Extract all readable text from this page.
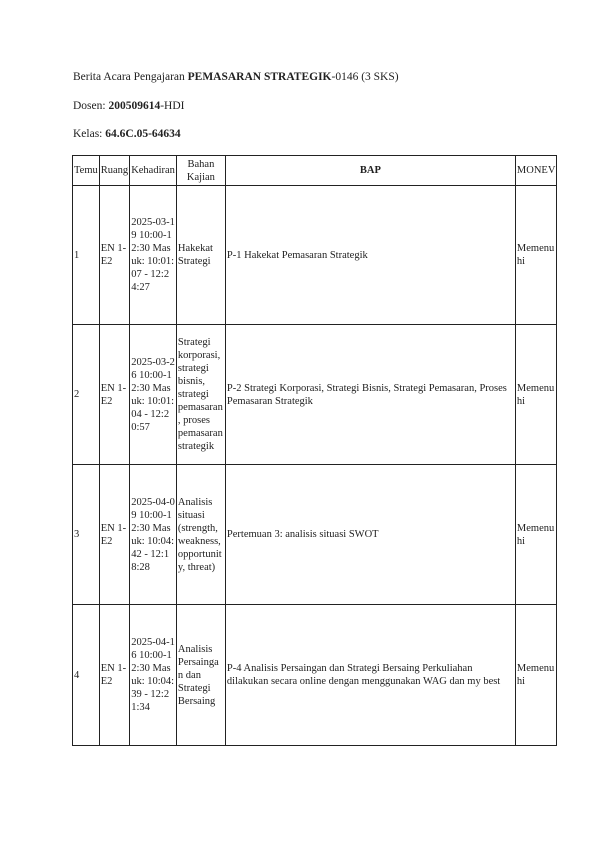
Berita Acara Pengajaran PEMASARAN STRATEGIK-0146 (3 SKS)
Dosen: 200509614-HDI
Kelas: 64.6C.05-64634
Temu	Ruang	Kehadiran	Bahan Kajian	BAP	MONEV
1	EN 1-E2	2025-03-19 10:00-12:30 Masuk: 10:01:07 - 12:24:27	Hakekat Strategi	P-1 Hakekat Pemasaran Strategik	Memenuhi
2	EN 1-E2	2025-03-26 10:00-12:30 Masuk: 10:01:04 - 12:20:57	Strategi korporasi, strategi bisnis, strategi pemasaran, proses pemasaran strategik	P-2 Strategi Korporasi, Strategi Bisnis, Strategi Pemasaran, Proses Pemasaran Strategik	Memenuhi
3	EN 1-E2	2025-04-09 10:00-12:30 Masuk: 10:04:42 - 12:18:28	Analisis situasi (strength, weakness, opportunity, threat)	Pertemuan 3: analisis situasi SWOT	Memenuhi
4	EN 1-E2	2025-04-16 10:00-12:30 Masuk: 10:04:39 - 12:21:34	Analisis Persaingan dan Strategi Bersaing	P-4 Analisis Persaingan dan Strategi Bersaing Perkuliahan dilakukan secara online dengan menggunakan WAG dan my best	Memenuhi
